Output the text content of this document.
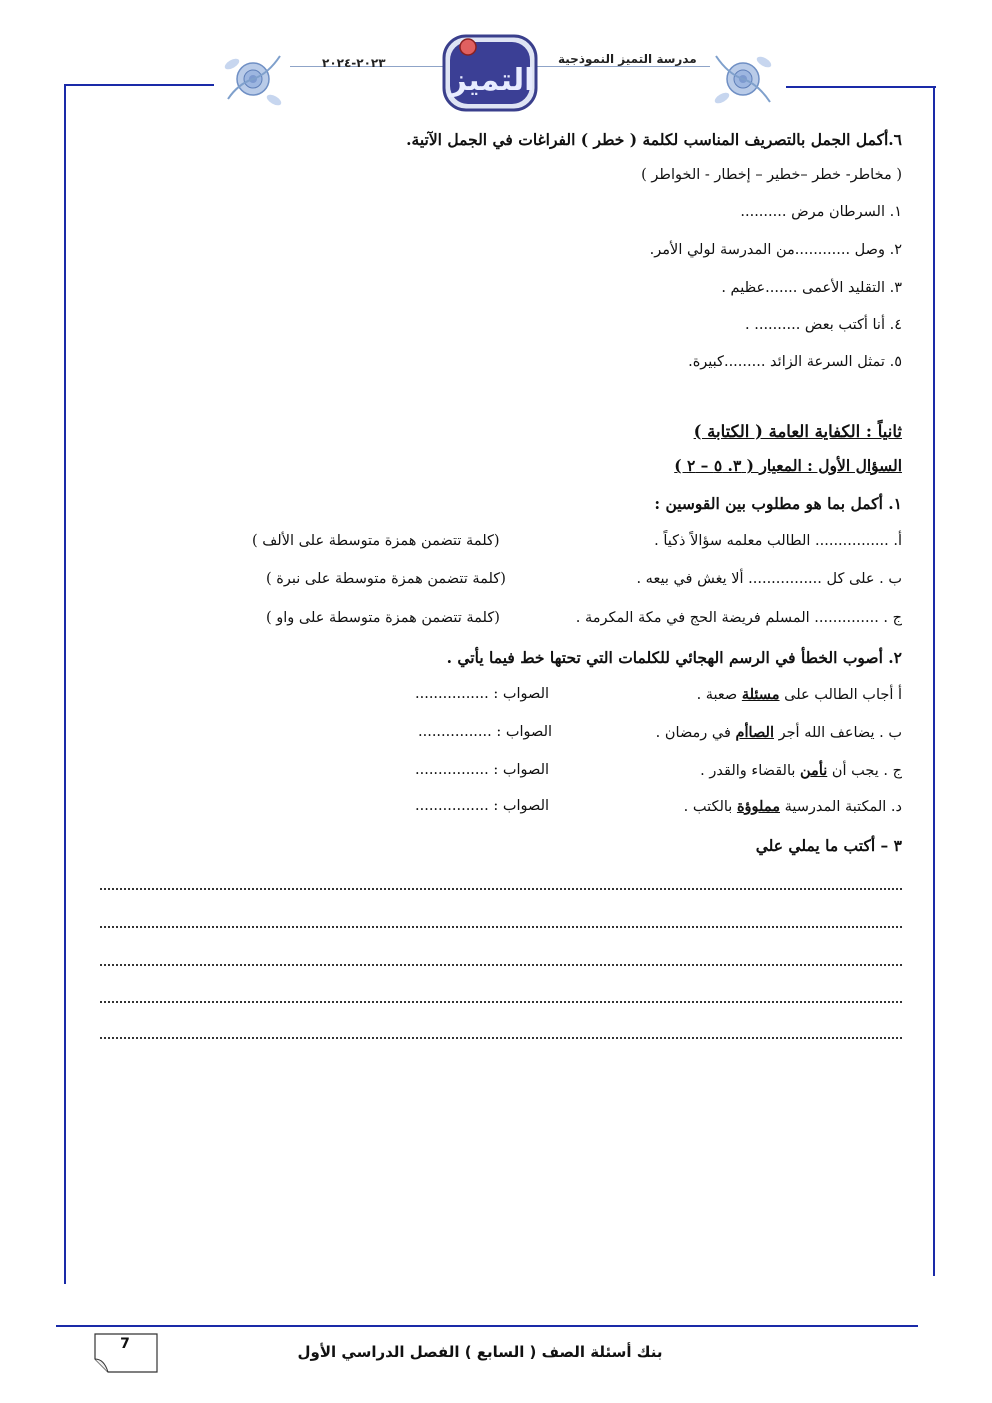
التميز
مدرسة التميز النموذجية
٢٠٢٣-٢٠٢٤
٦.أكمل الجمل بالتصريف المناسب لكلمة ( خطر ) الفراغات في الجمل الآتية.
( مخاطر- خطر –خطير – إخطار - الخواطر )
١. السرطان مرض ..........
٢. وصل ............من المدرسة لولي الأمر.
٣. التقليد الأعمى .......عظيم .
٤. أنا أكتب بعض .......... .
٥. تمثل السرعة الزائد .........كبيرة.
ثانياً : الكفاية العامة ( الكتابة )
السؤال الأول : المعيار ( ٣. ٥ – ٢ )
١. أكمل بما هو مطلوب بين القوسين :
أ. ................ الطالب معلمه سؤالاً ذكياً .
(كلمة تتضمن همزة متوسطة على الألف )
ب . على كل ................ ألا يغش في بيعه .
(كلمة تتضمن همزة متوسطة على نبرة )
ج . .............. المسلم فريضة الحج في مكة المكرمة .
(كلمة تتضمن همزة متوسطة على واو )
٢. أصوب الخطأ في الرسم الهجائي للكلمات التي تحتها خط فيما يأتي .
أ أجاب الطالب على مسئلة صعبة .
الصواب : ................
ب . يضاعف الله أجر الصاأم في رمضان .
الصواب : ................
ج . يجب أن نأمن بالقضاء والقدر .
الصواب : ................
د. المكتبة المدرسية مملوؤة بالكتب .
الصواب : ................
٣ – أكتب ما يملي علي
7	بنك أسئلة الصف ( السابع ) الفصل الدراسي الأول
